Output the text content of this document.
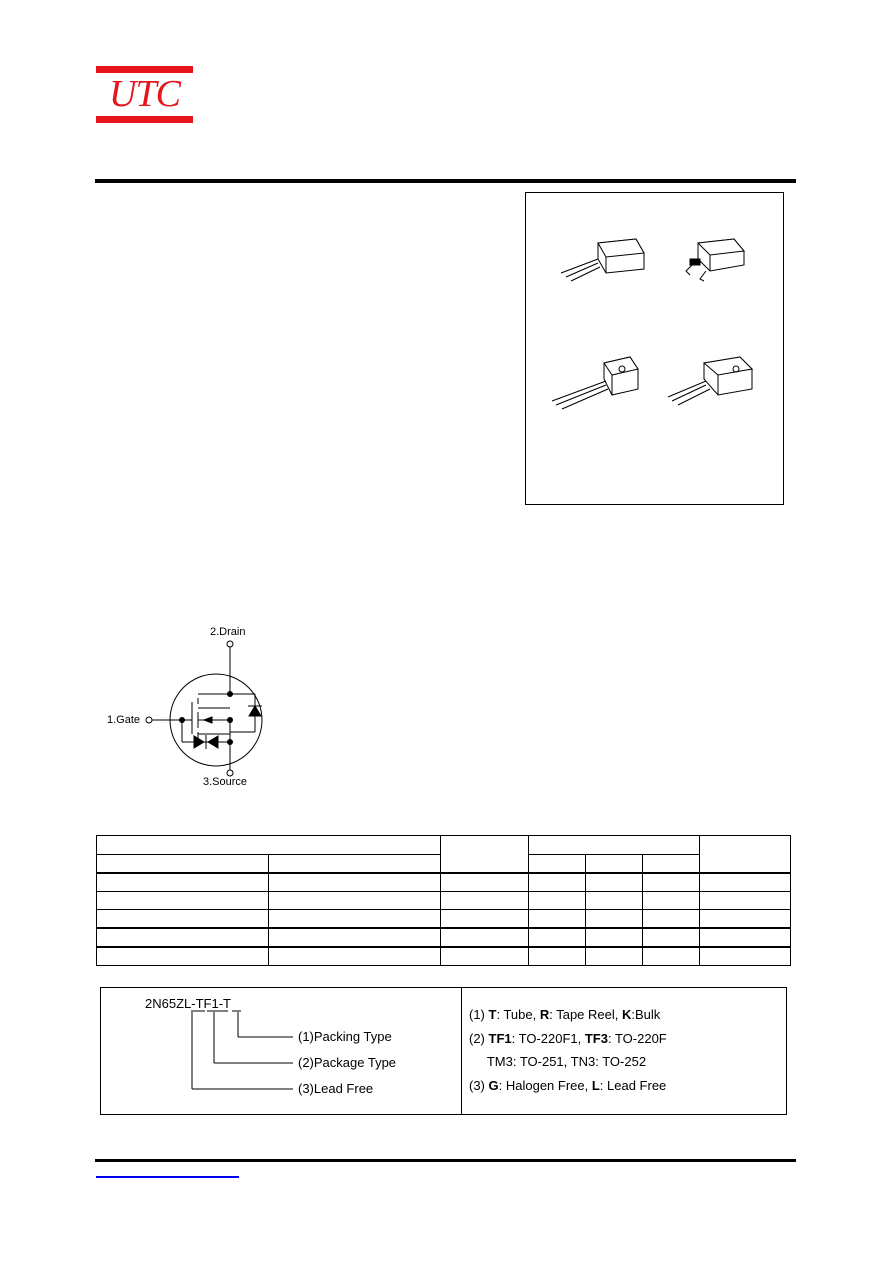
UTC
2.Drain
1.Gate
3.Source

2N65ZL-TF1-T
(1)Packing Type
(2)Package Type
(3)Lead Free
(1) T: Tube, R: Tape Reel, K:Bulk
(2) TF1: TO-220F1, TF3: TO-220F
TM3: TO-251, TN3: TO-252
(3) G: Halogen Free, L: Lead Free
